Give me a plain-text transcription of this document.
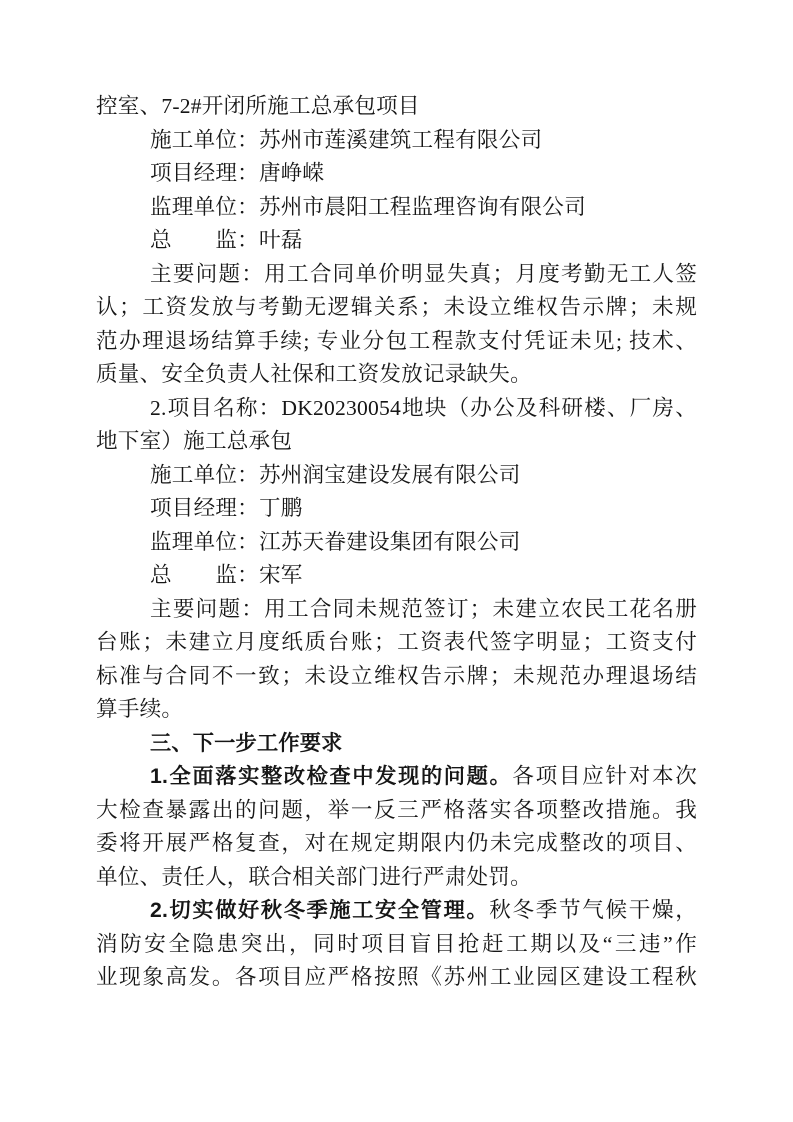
控室、7-2#开闭所施工总承包项目
施工单位：苏州市莲溪建筑工程有限公司
项目经理：唐峥嵘
监理单位：苏州市晨阳工程监理咨询有限公司
总　　监：叶磊
主要问题：用工合同单价明显失真；月度考勤无工人签
认；工资发放与考勤无逻辑关系；未设立维权告示牌；未规
范办理退场结算手续; 专业分包工程款支付凭证未见; 技术、
质量、安全负责人社保和工资发放记录缺失。
2.项目名称：DK20230054地块（办公及科研楼、厂房、
地下室）施工总承包
施工单位：苏州润宝建设发展有限公司
项目经理：丁鹏
监理单位：江苏天眷建设集团有限公司
总　　监：宋军
主要问题：用工合同未规范签订；未建立农民工花名册
台账；未建立月度纸质台账；工资表代签字明显；工资支付
标准与合同不一致；未设立维权告示牌；未规范办理退场结
算手续。
三、下一步工作要求
1.全面落实整改检查中发现的问题。各项目应针对本次
大检查暴露出的问题，举一反三严格落实各项整改措施。我
委将开展严格复查，对在规定期限内仍未完成整改的项目、
单位、责任人，联合相关部门进行严肃处罚。
2.切实做好秋冬季施工安全管理。秋冬季节气候干燥，
消防安全隐患突出，同时项目盲目抢赶工期以及“三违”作
业现象高发。各项目应严格按照《苏州工业园区建设工程秋
